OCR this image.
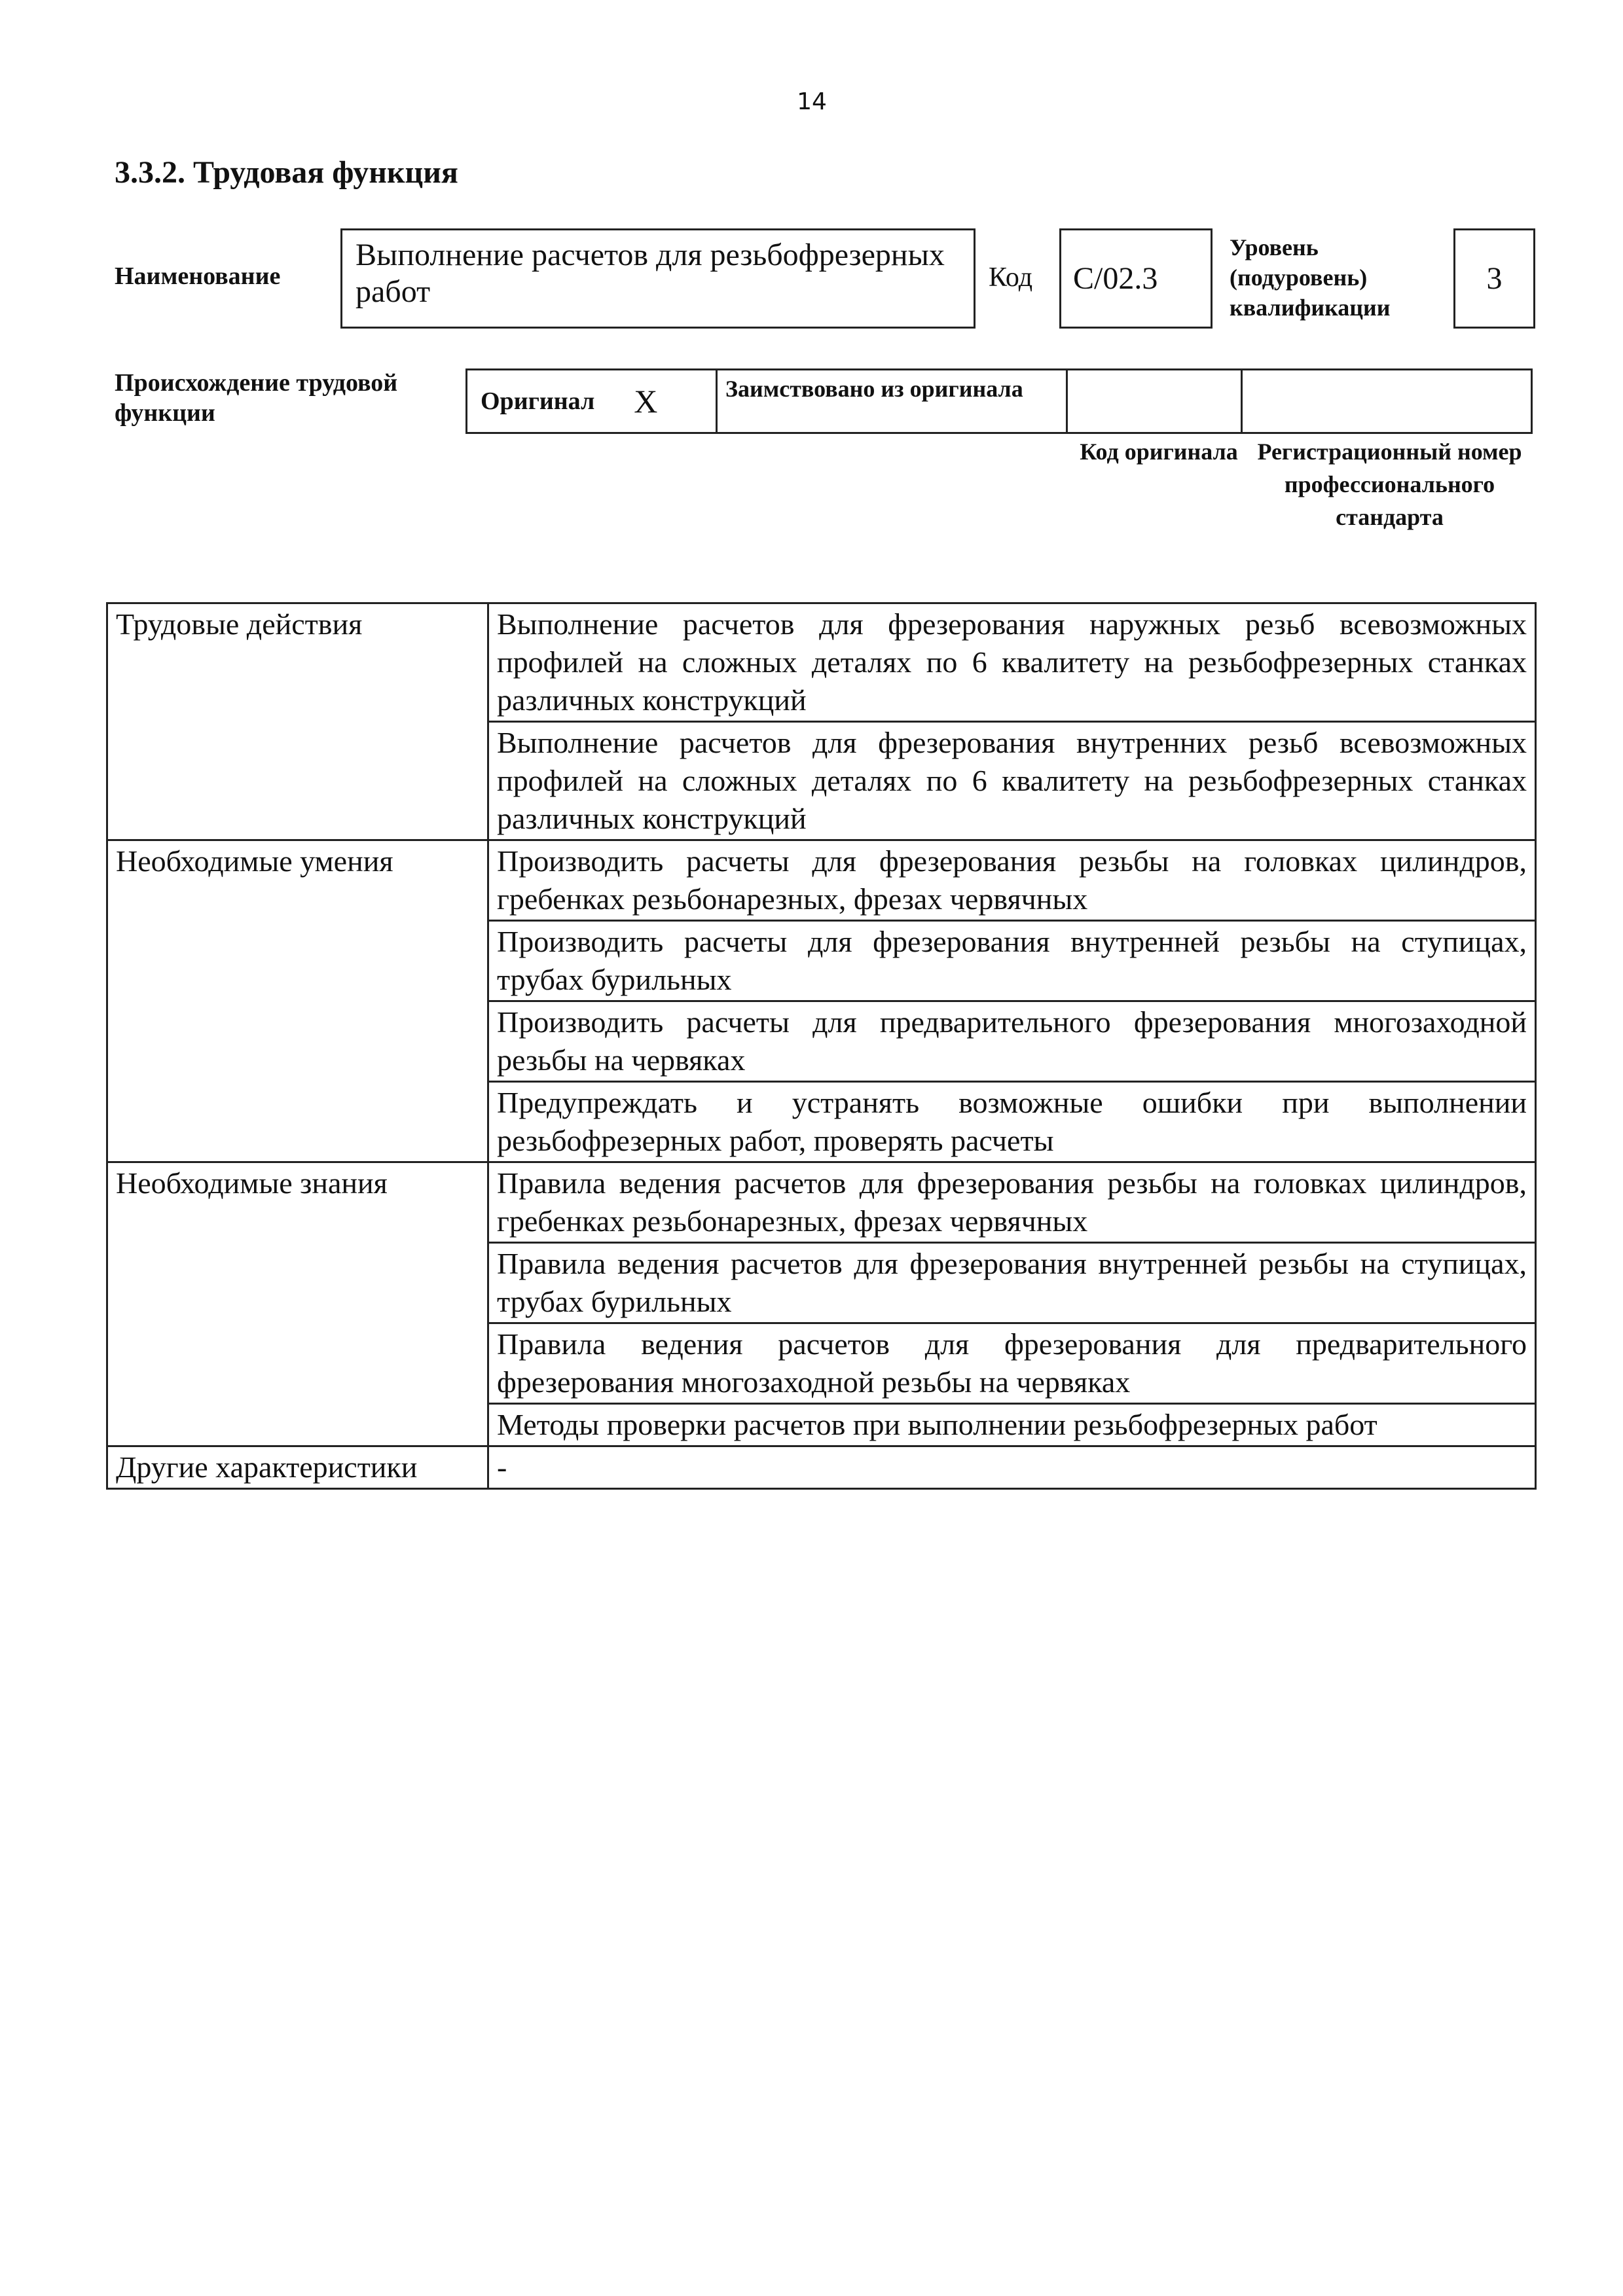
14
3.3.2. Трудовая функция
Наименование
Выполнение расчетов для резьбофрезерных работ	Код	C/02.3
Уровень (подуровень) квалификации
3
Происхождение трудовой функции	Оригинал X	Заимствовано из оригинала
Код оригинала Регистрационный номер профессионального стандарта
Трудовые действия	Выполнение расчетов для фрезерования наружных резьб всевозможных профилей на сложных деталях по 6 квалитету на резьбофрезерных станках различных конструкций
	Выполнение расчетов для фрезерования внутренних резьб всевозможных профилей на сложных деталях по 6 квалитету на резьбофрезерных станках различных конструкций
Необходимые умения	Производить расчеты для фрезерования резьбы на головках цилиндров, гребенках резьбонарезных, фрезах червячных
	Производить расчеты для фрезерования внутренней резьбы на ступицах, трубах бурильных
	Производить расчеты для предварительного фрезерования многозаходной резьбы на червяках
	Предупреждать и устранять возможные ошибки при выполнении резьбофрезерных работ, проверять расчеты
Необходимые знания	Правила ведения расчетов для фрезерования резьбы на головках цилиндров, гребенках резьбонарезных, фрезах червячных
	Правила ведения расчетов для фрезерования внутренней резьбы на ступицах, трубах бурильных
	Правила ведения расчетов для фрезерования для предварительного фрезерования многозаходной резьбы на червяках
	Методы проверки расчетов при выполнении резьбофрезерных работ
Другие характеристики	-
